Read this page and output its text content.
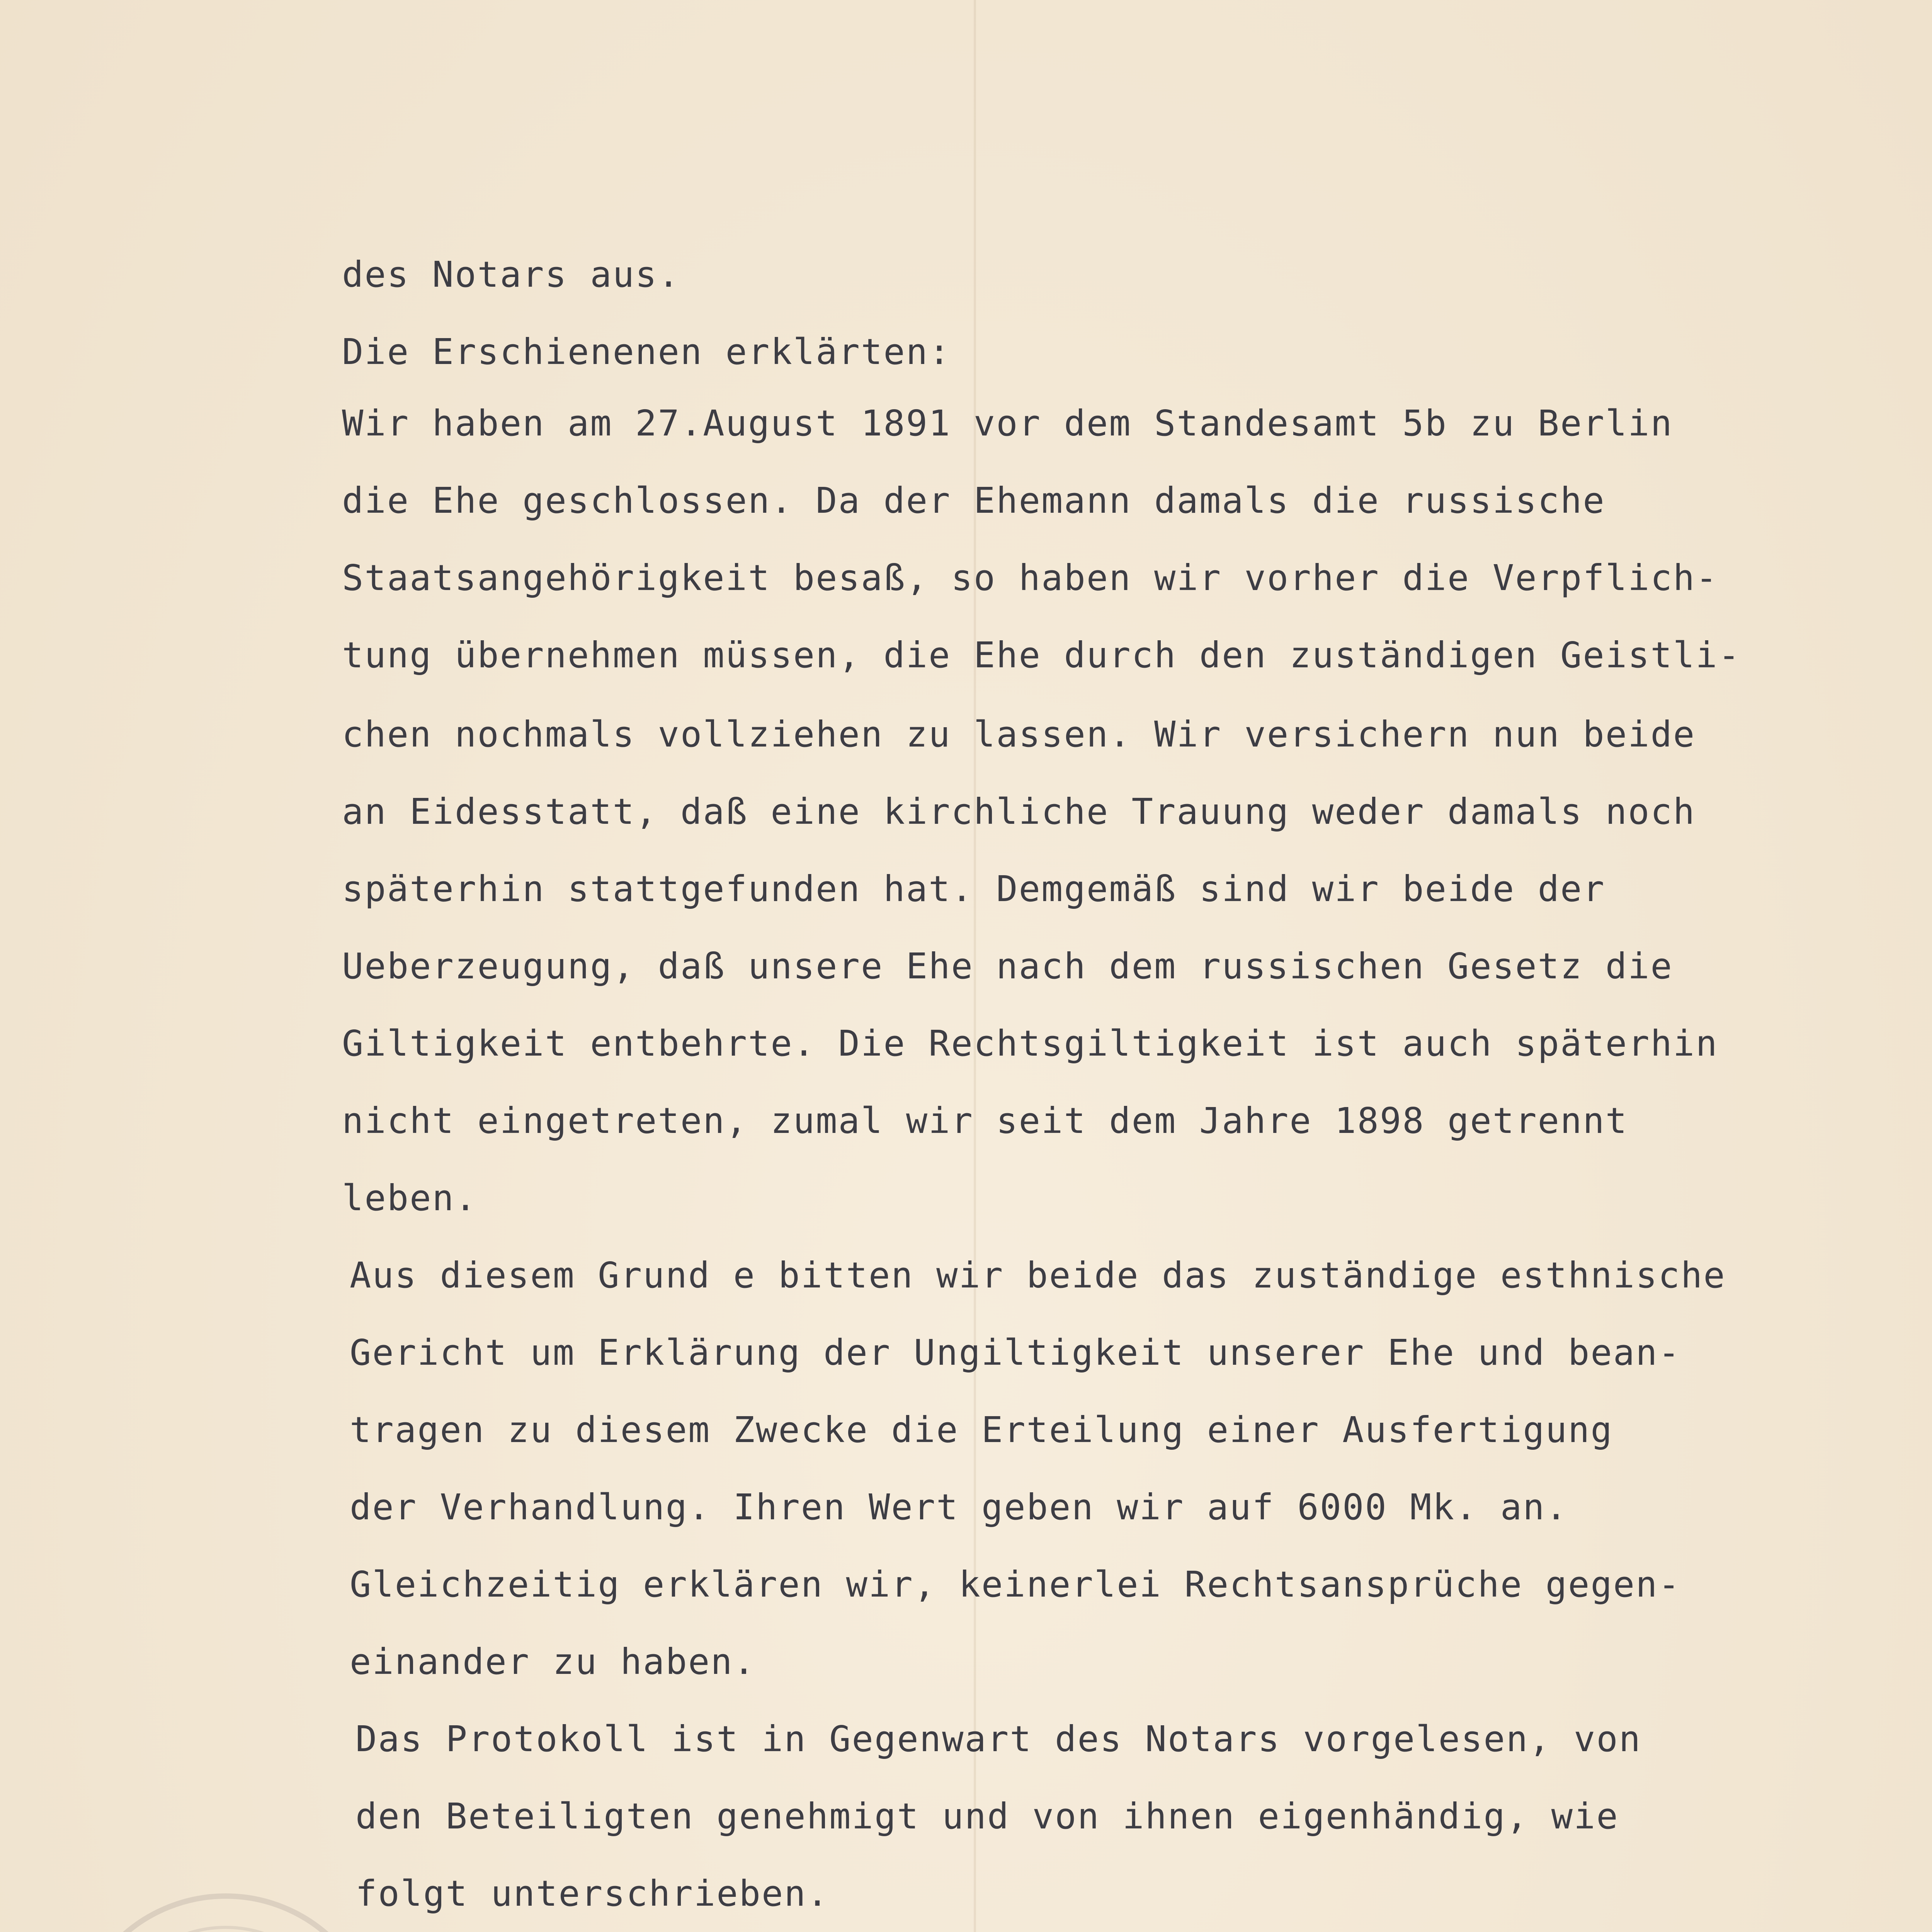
des Notars aus.
Die Erschienenen erklärten:
Wir haben am 27.August 1891 vor dem Standesamt 5b zu Berlin
die Ehe geschlossen. Da der Ehemann damals die russische
Staatsangehörigkeit besaß, so haben wir vorher die Verpflich-
tung übernehmen müssen, die Ehe durch den zuständigen Geistli-
chen nochmals vollziehen zu lassen. Wir versichern nun beide
an Eidesstatt, daß eine kirchliche Trauung weder damals noch
späterhin stattgefunden hat. Demgemäß sind wir beide der
Ueberzeugung, daß unsere Ehe nach dem russischen Gesetz die
Giltigkeit entbehrte. Die Rechtsgiltigkeit ist auch späterhin
nicht eingetreten, zumal wir seit dem Jahre 1898 getrennt
leben.
Aus diesem Grund e bitten wir beide das zuständige esthnische
Gericht um Erklärung der Ungiltigkeit unserer Ehe und bean-
tragen zu diesem Zwecke die Erteilung einer Ausfertigung
der Verhandlung. Ihren Wert geben wir auf 6000 Mk. an.
Gleichzeitig erklären wir, keinerlei Rechtsansprüche gegen-
einander zu haben.
Das Protokoll ist in Gegenwart des Notars vorgelesen, von
den Beteiligten genehmigt und von ihnen eigenhändig, wie
folgt unterschrieben.
